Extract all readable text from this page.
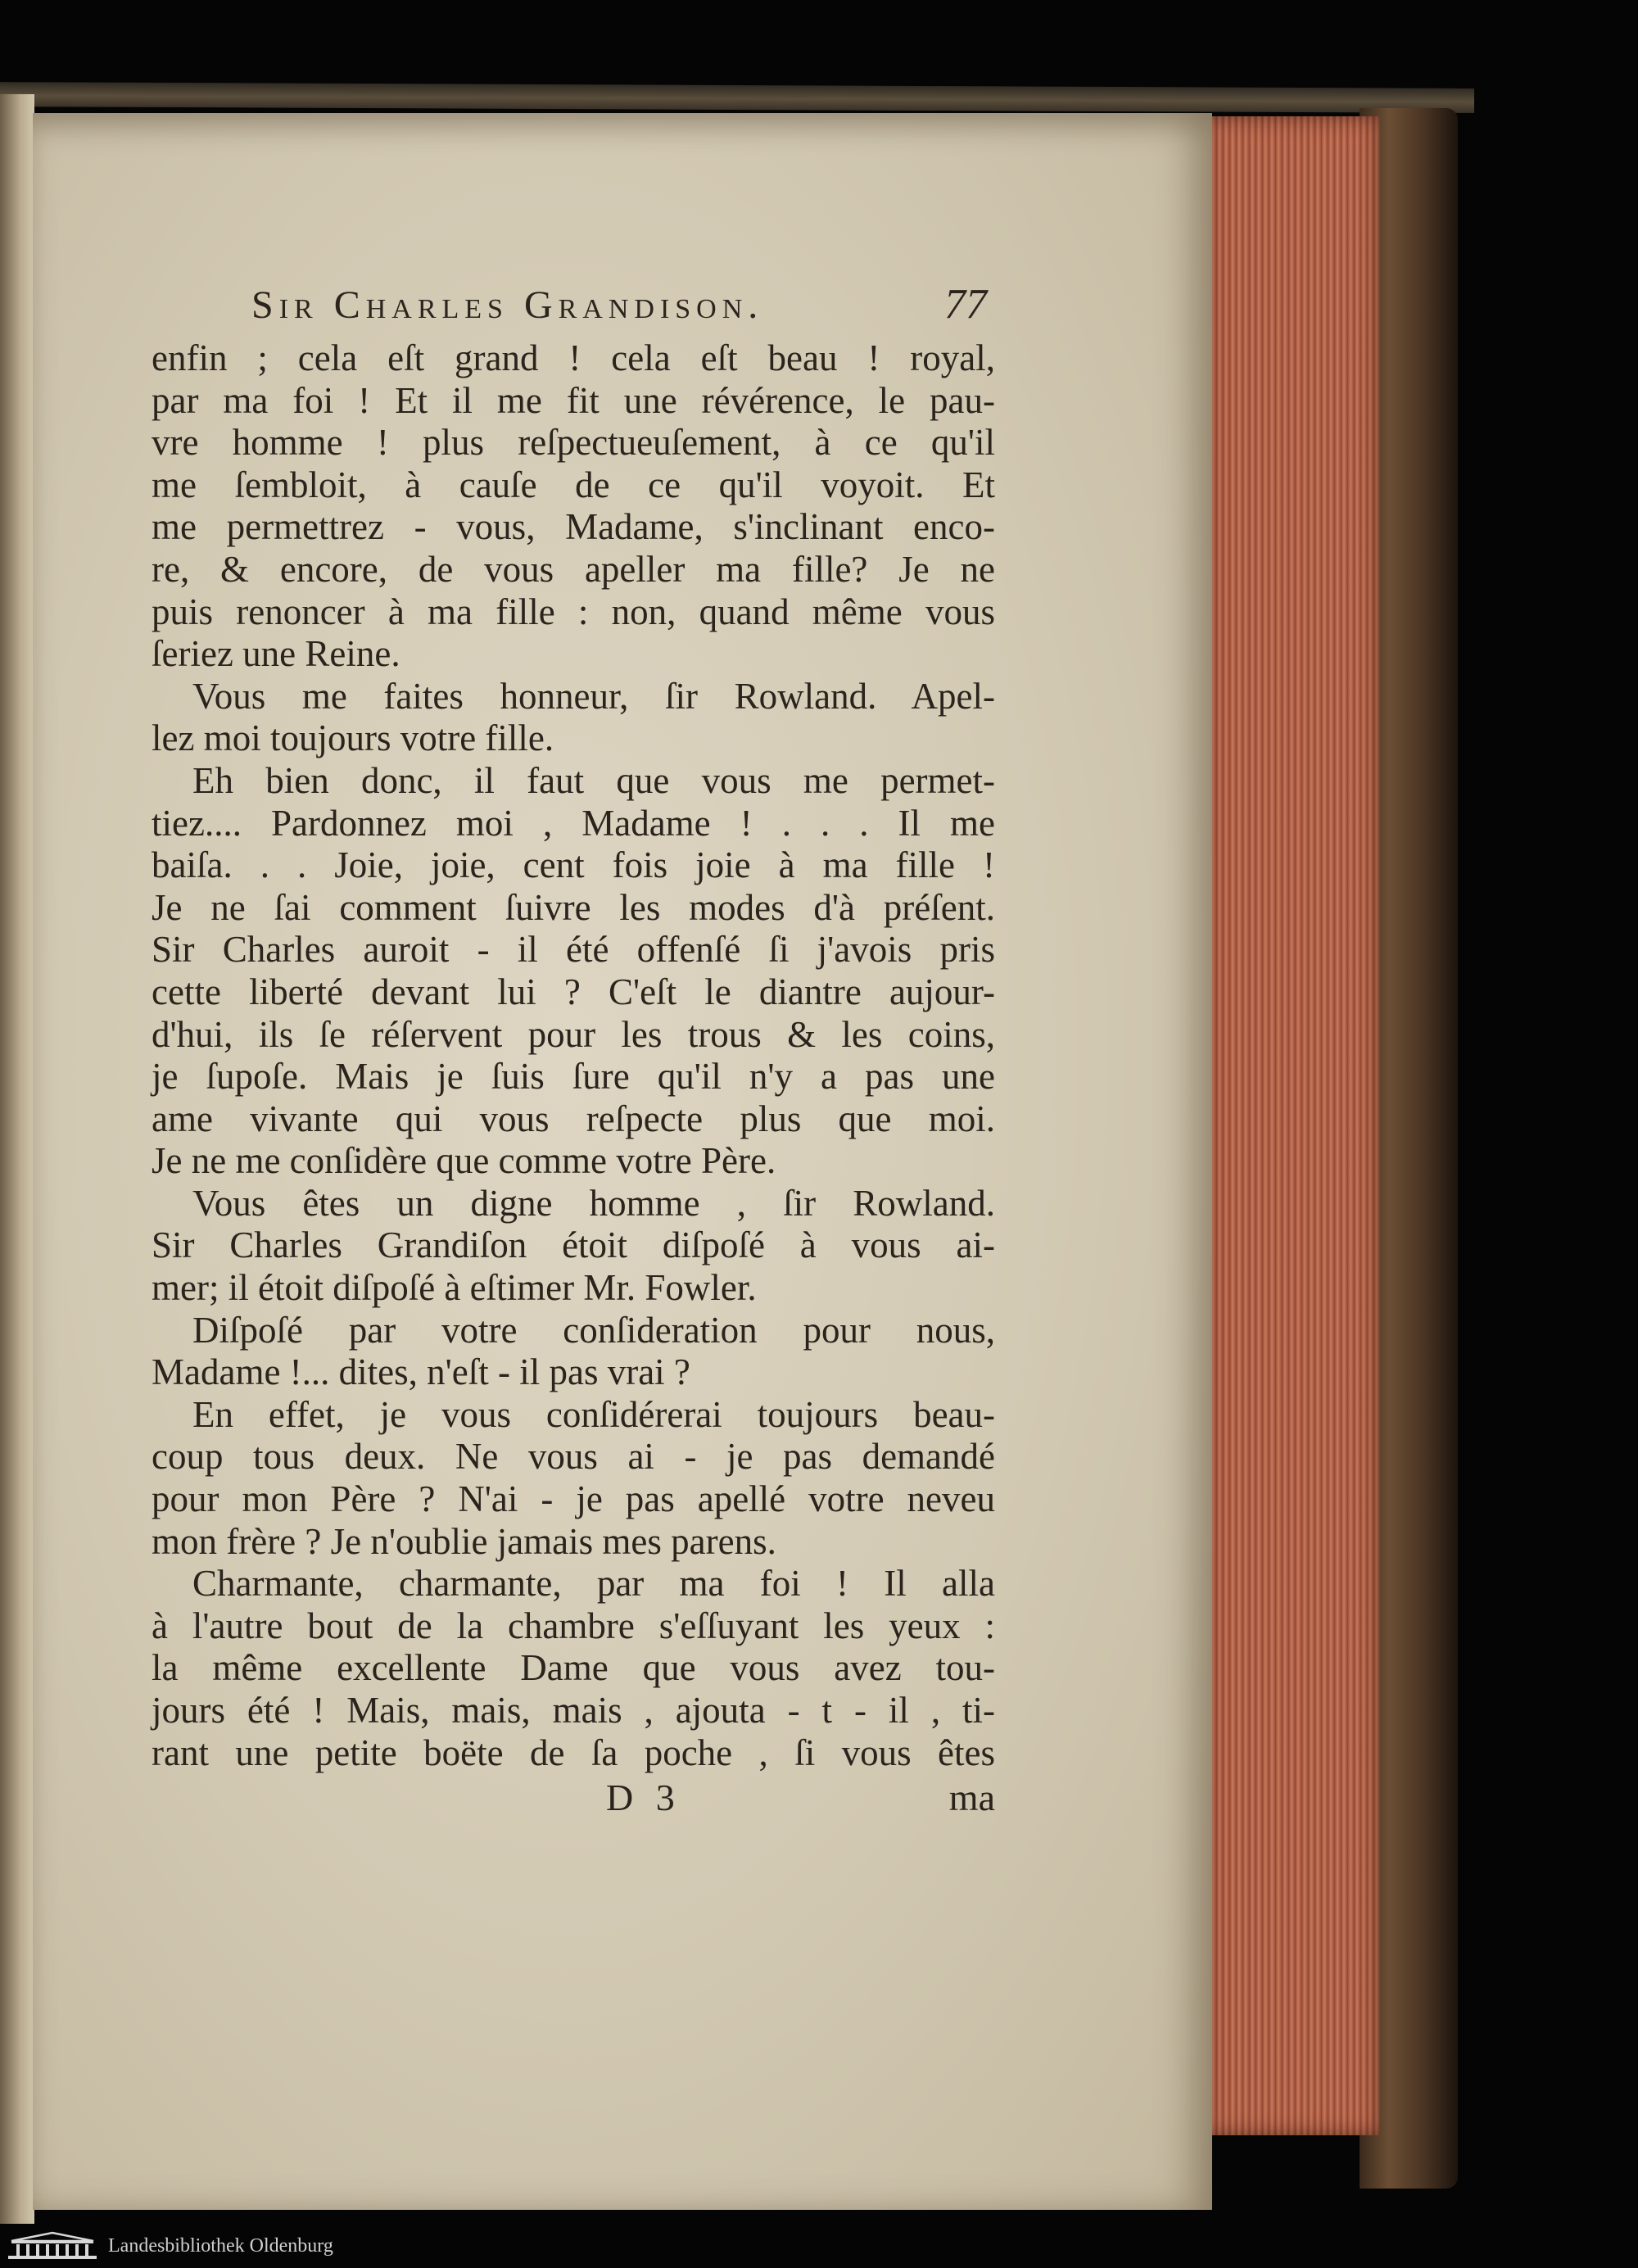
Sir Charles Grandison.	77
enfin ; cela eſt grand ! cela eſt beau ! royal,
par ma foi ! Et il me fit une révérence, le pau-
vre homme ! plus reſpectueuſement, à ce qu'il
me ſembloit, à cauſe de ce qu'il voyoit. Et
me permettrez - vous, Madame, s'inclinant enco-
re, & encore, de vous apeller ma fille? Je ne
puis renoncer à ma fille : non, quand même vous
ſeriez une Reine.
Vous me faites honneur, ſir Rowland. Apel-
lez moi toujours votre fille.
Eh bien donc, il faut que vous me permet-
tiez.... Pardonnez moi , Madame ! . . . Il me
baiſa. . . Joie, joie, cent fois joie à ma fille !
Je ne ſai comment ſuivre les modes d'à préſent.
Sir Charles auroit - il été offenſé ſi j'avois pris
cette liberté devant lui ? C'eſt le diantre aujour-
d'hui, ils ſe réſervent pour les trous & les coins,
je ſupoſe. Mais je ſuis ſure qu'il n'y a pas une
ame vivante qui vous reſpecte plus que moi.
Je ne me conſidère que comme votre Père.
Vous êtes un digne homme , ſir Rowland.
Sir Charles Grandiſon étoit diſpoſé à vous ai-
mer; il étoit diſpoſé à eſtimer Mr. Fowler.
Diſpoſé par votre conſideration pour nous,
Madame !... dites, n'eſt - il pas vrai ?
En effet, je vous conſidérerai toujours beau-
coup tous deux. Ne vous ai - je pas demandé
pour mon Père ? N'ai - je pas apellé votre neveu
mon frère ? Je n'oublie jamais mes parens.
Charmante, charmante, par ma foi ! Il alla
à l'autre bout de la chambre s'eſſuyant les yeux :
la même excellente Dame que vous avez tou-
jours été ! Mais, mais, mais , ajouta - t - il , ti-
rant une petite boëte de ſa poche , ſi vous êtes
D 3	ma
Landesbibliothek Oldenburg
